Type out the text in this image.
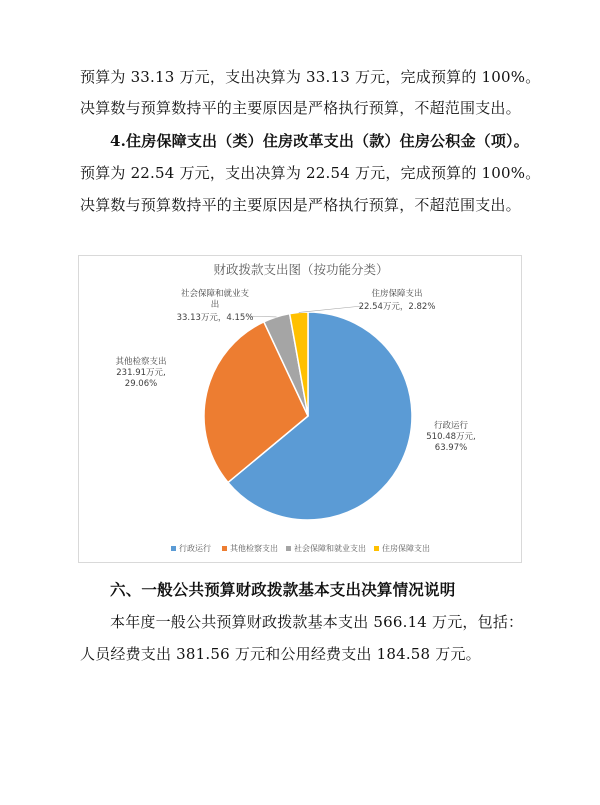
预算为 33.13 万元，支出决算为 33.13 万元，完成预算的 100%。
决算数与预算数持平的主要原因是严格执行预算，不超范围支出。
4.住房保障支出（类）住房改革支出（款）住房公积金（项）。
预算为 22.54 万元，支出决算为 22.54 万元，完成预算的 100%。
决算数与预算数持平的主要原因是严格执行预算，不超范围支出。
财政拨款支出图（按功能分类）
行政运行
510.48万元,
63.97%
其他检察支出
231.91万元,
29.06%
社会保障和就业支
出
33.13万元，4.15%
住房保障支出
22.54万元，2.82%
行政运行 其他检察支出 社会保障和就业支出 住房保障支出
六、一般公共预算财政拨款基本支出决算情况说明
本年度一般公共预算财政拨款基本支出 566.14 万元，包括：
人员经费支出 381.56 万元和公用经费支出 184.58 万元。
